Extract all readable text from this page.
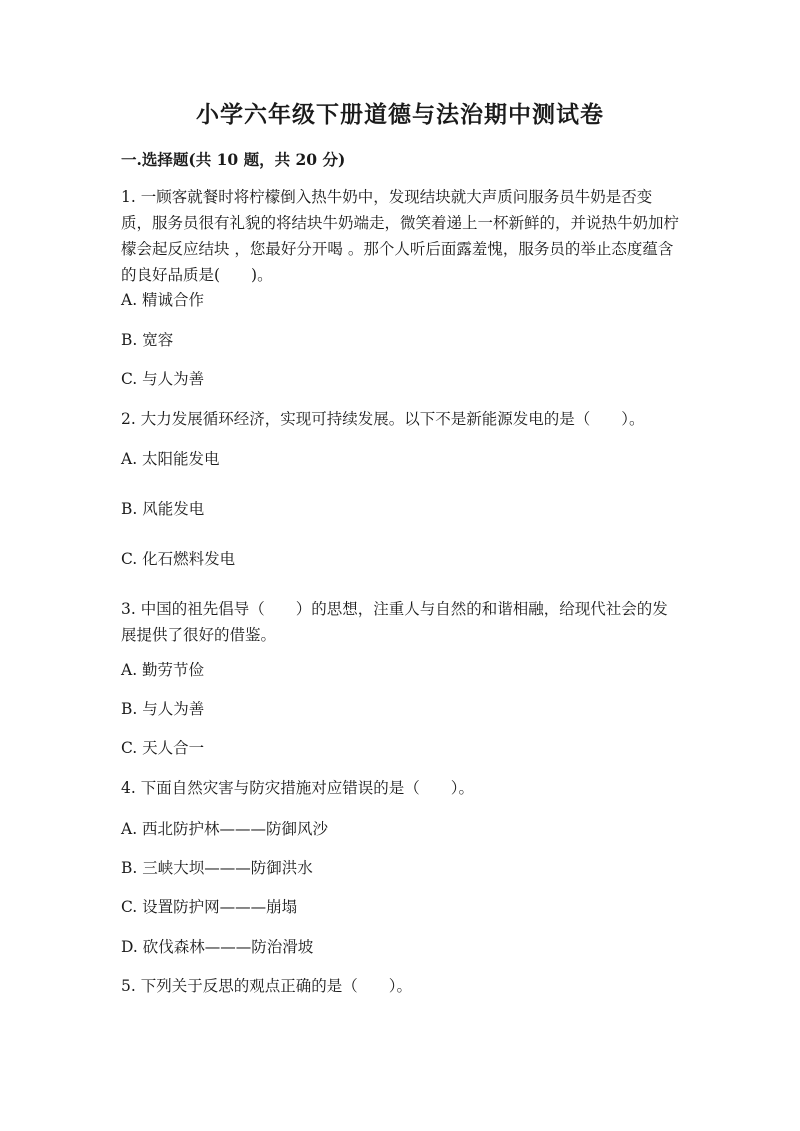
小学六年级下册道德与法治期中测试卷
一.选择题(共 10 题，共 20 分)
1. 一顾客就餐时将柠檬倒入热牛奶中，发现结块就大声质问服务员牛奶是否变质，服务员很有礼貌的将结块牛奶端走，微笑着递上一杯新鲜的，并说热牛奶加柠檬会起反应结块 ，您最好分开喝 。那个人听后面露羞愧，服务员的举止态度蕴含的良好品质是(　　)。
A. 精诚合作
B. 宽容
C. 与人为善
2. 大力发展循环经济，实现可持续发展。以下不是新能源发电的是（　　）。
A. 太阳能发电
B. 风能发电
C. 化石燃料发电
3. 中国的祖先倡导（　　）的思想，注重人与自然的和谐相融，给现代社会的发展提供了很好的借鉴。
A. 勤劳节俭
B. 与人为善
C. 天人合一
4. 下面自然灾害与防灾措施对应错误的是（　　）。
A. 西北防护林———防御风沙
B. 三峡大坝———防御洪水
C. 设置防护网———崩塌
D. 砍伐森林———防治滑坡
5. 下列关于反思的观点正确的是（　　）。
